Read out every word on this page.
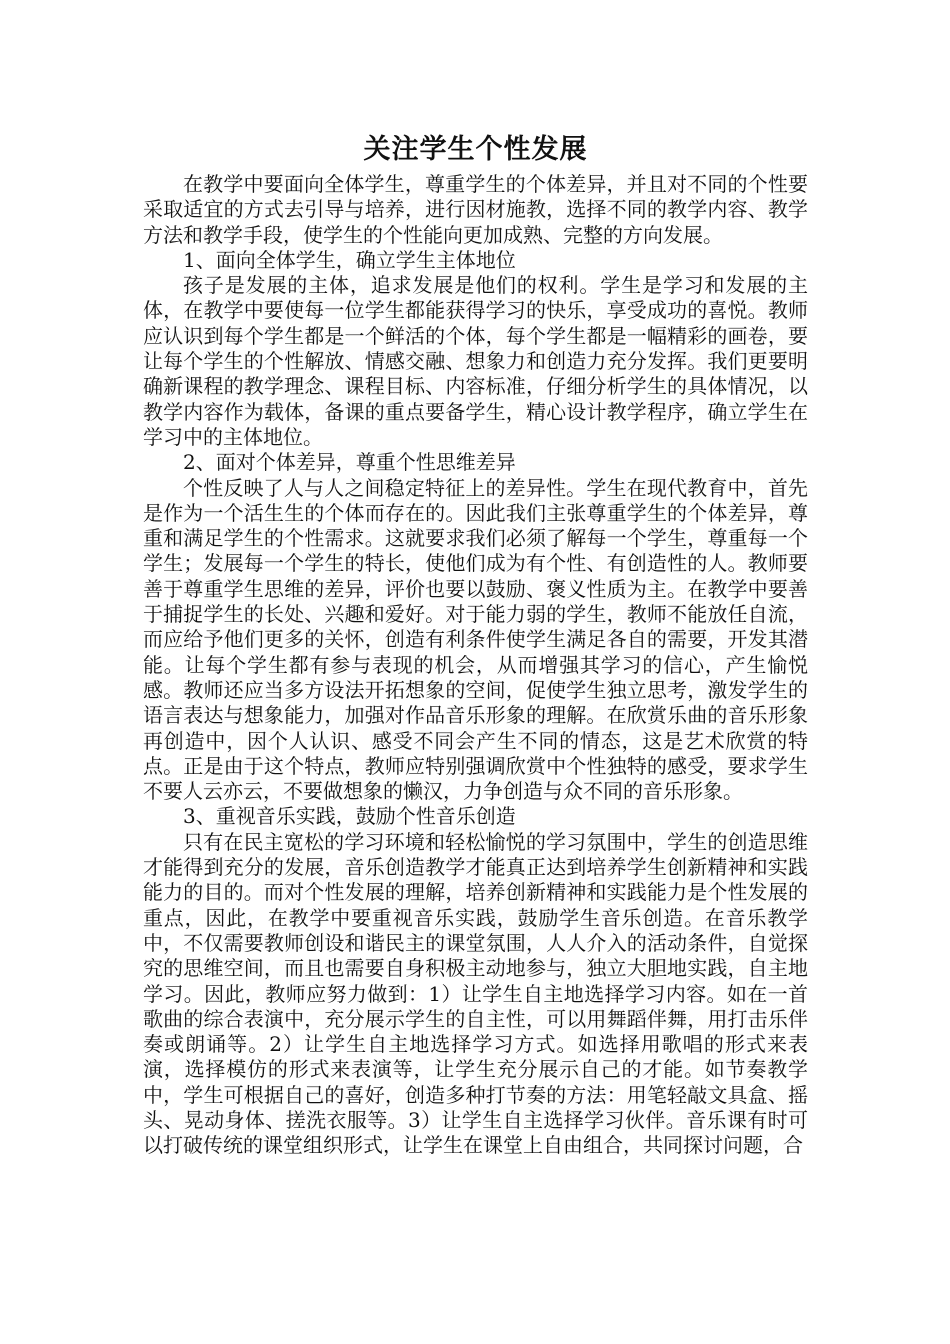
关注学生个性发展

在教学中要面向全体学生，尊重学生的个体差异，并且对不同的个性要采取适宜的方式去引导与培养，进行因材施教，选择不同的教学内容、教学方法和教学手段，使学生的个性能向更加成熟、完整的方向发展。

1、面向全体学生，确立学生主体地位

孩子是发展的主体，追求发展是他们的权利。学生是学习和发展的主体，在教学中要使每一位学生都能获得学习的快乐，享受成功的喜悦。教师应认识到每个学生都是一个鲜活的个体，每个学生都是一幅精彩的画卷，要让每个学生的个性解放、情感交融、想象力和创造力充分发挥。我们更要明确新课程的教学理念、课程目标、内容标准，仔细分析学生的具体情况，以教学内容作为载体，备课的重点要备学生，精心设计教学程序，确立学生在学习中的主体地位。

2、面对个体差异，尊重个性思维差异

个性反映了人与人之间稳定特征上的差异性。学生在现代教育中，首先是作为一个活生生的个体而存在的。因此我们主张尊重学生的个体差异，尊重和满足学生的个性需求。这就要求我们必须了解每一个学生，尊重每一个学生；发展每一个学生的特长，使他们成为有个性、有创造性的人。教师要善于尊重学生思维的差异，评价也要以鼓励、褒义性质为主。在教学中要善于捕捉学生的长处、兴趣和爱好。对于能力弱的学生，教师不能放任自流，而应给予他们更多的关怀，创造有利条件使学生满足各自的需要，开发其潜能。让每个学生都有参与表现的机会，从而增强其学习的信心，产生愉悦感。教师还应当多方设法开拓想象的空间，促使学生独立思考，激发学生的语言表达与想象能力，加强对作品音乐形象的理解。在欣赏乐曲的音乐形象再创造中，因个人认识、感受不同会产生不同的情态，这是艺术欣赏的特点。正是由于这个特点，教师应特别强调欣赏中个性独特的感受，要求学生不要人云亦云，不要做想象的懒汉，力争创造与众不同的音乐形象。

3、重视音乐实践，鼓励个性音乐创造

只有在民主宽松的学习环境和轻松愉悦的学习氛围中，学生的创造思维才能得到充分的发展，音乐创造教学才能真正达到培养学生创新精神和实践能力的目的。而对个性发展的理解，培养创新精神和实践能力是个性发展的重点，因此，在教学中要重视音乐实践，鼓励学生音乐创造。在音乐教学中，不仅需要教师创设和谐民主的课堂氛围，人人介入的活动条件，自觉探究的思维空间，而且也需要自身积极主动地参与，独立大胆地实践，自主地学习。因此，教师应努力做到：1）让学生自主地选择学习内容。如在一首歌曲的综合表演中，充分展示学生的自主性，可以用舞蹈伴舞，用打击乐伴奏或朗诵等。2）让学生自主地选择学习方式。如选择用歌唱的形式来表演，选择模仿的形式来表演等，让学生充分展示自己的才能。如节奏教学中，学生可根据自己的喜好，创造多种打节奏的方法：用笔轻敲文具盒、摇头、晃动身体、搓洗衣服等。3）让学生自主选择学习伙伴。音乐课有时可以打破传统的课堂组织形式，让学生在课堂上自由组合，共同探讨问题，合
